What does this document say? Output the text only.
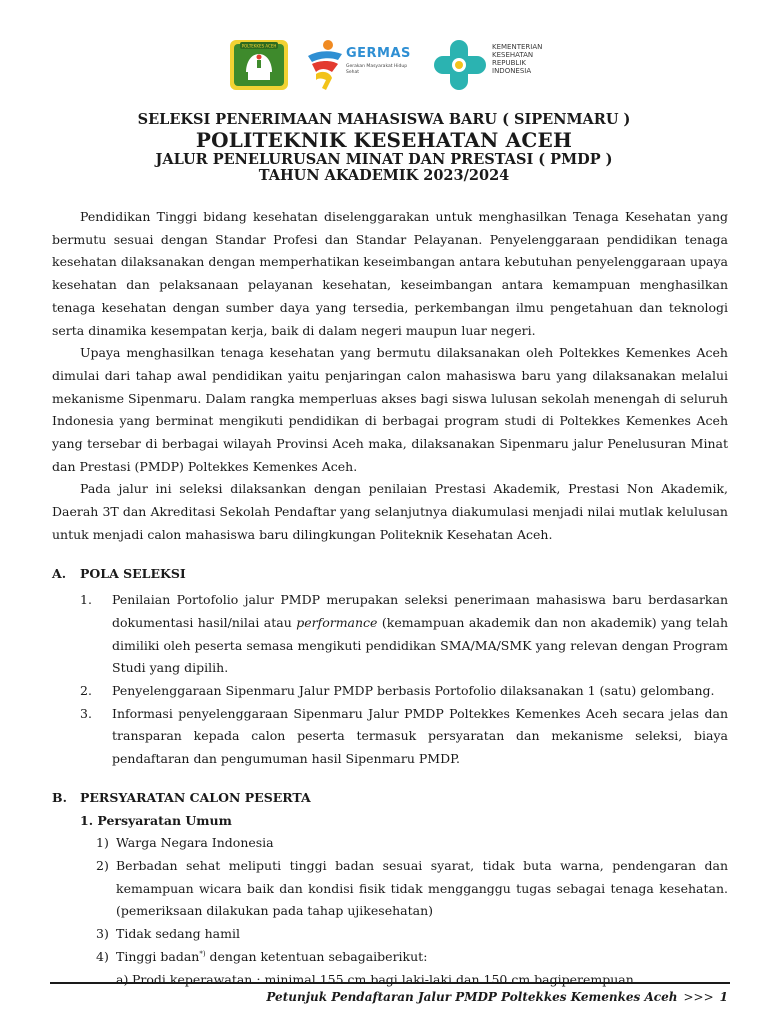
POLTEKKES ACEH	GERMAS
Gerakan Masyarakat Hidup Sehat
KEMENTERIAN
KESEHATAN
REPUBLIK
INDONESIA
SELEKSI PENERIMAAN MAHASISWA BARU ( SIPENMARU )
POLITEKNIK KESEHATAN ACEH
JALUR PENELURUSAN MINAT DAN PRESTASI ( PMDP )
TAHUN AKADEMIK 2023/2024

Pendidikan Tinggi bidang kesehatan diselenggarakan untuk menghasilkan Tenaga Kesehatan yang bermutu sesuai dengan Standar Profesi dan Standar Pelayanan. Penyelenggaraan pendidikan tenaga kesehatan dilaksanakan dengan memperhatikan keseimbangan antara kebutuhan penyelenggaraan upaya kesehatan dan pelaksanaan pelayanan kesehatan, keseimbangan antara kemampuan menghasilkan tenaga kesehatan dengan sumber daya yang tersedia, perkembangan ilmu pengetahuan dan teknologi serta dinamika kesempatan kerja, baik di dalam negeri maupun luar negeri.

Upaya menghasilkan tenaga kesehatan yang bermutu dilaksanakan oleh Poltekkes Kemenkes Aceh dimulai dari tahap awal pendidikan yaitu penjaringan calon mahasiswa baru yang dilaksanakan melalui mekanisme Sipenmaru. Dalam rangka memperluas akses bagi siswa lulusan sekolah menengah di seluruh Indonesia yang berminat mengikuti pendidikan di berbagai program studi di Poltekkes Kemenkes Aceh yang tersebar di berbagai wilayah Provinsi Aceh maka, dilaksanakan Sipenmaru jalur Penelusuran Minat dan Prestasi (PMDP) Poltekkes Kemenkes Aceh.

Pada jalur ini seleksi dilaksankan dengan penilaian Prestasi Akademik, Prestasi Non Akademik, Daerah 3T dan Akreditasi Sekolah Pendaftar yang selanjutnya diakumulasi menjadi nilai mutlak kelulusan untuk menjadi calon mahasiswa baru dilingkungan Politeknik Kesehatan Aceh.

A. POLA SELEKSI
1. Penilaian Portofolio jalur PMDP merupakan seleksi penerimaan mahasiswa baru berdasarkan dokumentasi hasil/nilai atau performance (kemampuan akademik dan non akademik) yang telah dimiliki oleh peserta semasa mengikuti pendidikan SMA/MA/SMK yang relevan dengan Program Studi yang dipilih.
2. Penyelenggaraan Sipenmaru Jalur PMDP berbasis Portofolio dilaksanakan 1 (satu) gelombang.
3. Informasi penyelenggaraan Sipenmaru Jalur PMDP Poltekkes Kemenkes Aceh secara jelas dan transparan kepada calon peserta termasuk persyaratan dan mekanisme seleksi, biaya pendaftaran dan pengumuman hasil Sipenmaru PMDP.
B. PERSYARATAN CALON PESERTA
1. Persyaratan Umum
1) Warga Negara Indonesia
2) Berbadan sehat meliputi tinggi badan sesuai syarat, tidak buta warna, pendengaran dan kemampuan wicara baik dan kondisi fisik tidak mengganggu tugas sebagai tenaga kesehatan. (pemeriksaan dilakukan pada tahap ujikesehatan)
3) Tidak sedang hamil
4) Tinggi badan*) dengan ketentuan sebagaiberikut:
a) Prodi keperawatan : minimal 155 cm bagi laki-laki dan 150 cm bagiperempuan.
Petunjuk Pendaftaran Jalur PMDP Poltekkes Kemenkes Aceh >>> 1
